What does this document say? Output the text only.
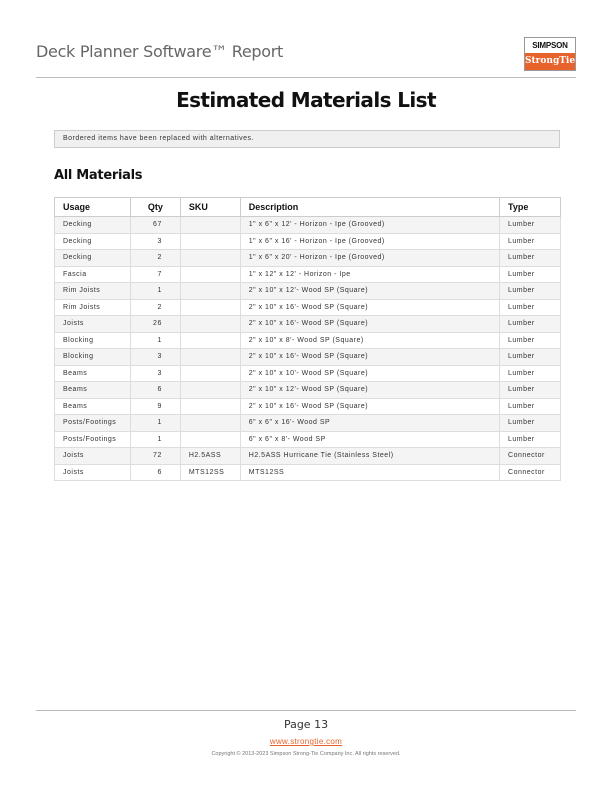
Deck Planner Software™ Report	SIMPSON
StrongTie
Estimated Materials List
Bordered items have been replaced with alternatives.
All Materials
Usage	Qty	SKU	Description	Type
Decking	67		1" x 6" x 12' - Horizon - Ipe (Grooved)	Lumber
Decking	3		1" x 6" x 16' - Horizon - Ipe (Grooved)	Lumber
Decking	2		1" x 6" x 20' - Horizon - Ipe (Grooved)	Lumber
Fascia	7		1" x 12" x 12' - Horizon - Ipe	Lumber
Rim Joists	1		2" x 10" x 12'- Wood SP (Square)	Lumber
Rim Joists	2		2" x 10" x 16'- Wood SP (Square)	Lumber
Joists	26		2" x 10" x 16'- Wood SP (Square)	Lumber
Blocking	1		2" x 10" x 8'- Wood SP (Square)	Lumber
Blocking	3		2" x 10" x 16'- Wood SP (Square)	Lumber
Beams	3		2" x 10" x 10'- Wood SP (Square)	Lumber
Beams	6		2" x 10" x 12'- Wood SP (Square)	Lumber
Beams	9		2" x 10" x 16'- Wood SP (Square)	Lumber
Posts/Footings	1		6" x 6" x 16'- Wood SP	Lumber
Posts/Footings	1		6" x 6" x 8'- Wood SP	Lumber
Joists	72	H2.5ASS	H2.5ASS Hurricane Tie (Stainless Steel)	Connector
Joists	6	MTS12SS	MTS12SS	Connector
Page 13
www.strongtie.com
Copyright © 2013-2023 Simpson Strong-Tie Company Inc. All rights reserved.
